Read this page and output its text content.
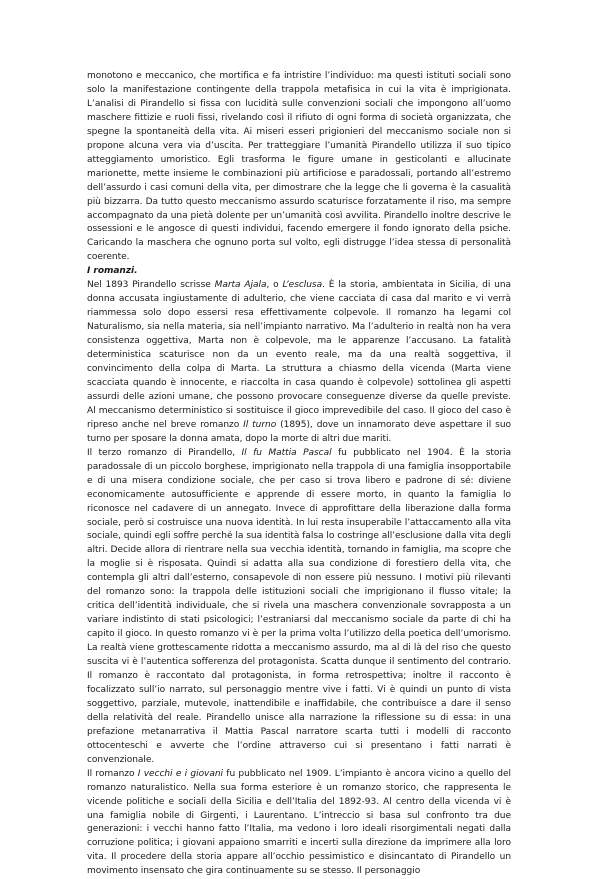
monotono e meccanico, che mortifica e fa intristire l’individuo: ma questi istituti sociali sono solo la manifestazione contingente della trappola metafisica in cui la vita è imprigionata. L’analisi di Pirandello si fissa con lucidità sulle convenzioni sociali che impongono all’uomo maschere fittizie e ruoli fissi, rivelando così il rifiuto di ogni forma di società organizzata, che spegne la spontaneità della vita. Ai miseri esseri prigionieri del meccanismo sociale non si propone alcuna vera via d’uscita. Per tratteggiare l’umanità Pirandello utilizza il suo tipico atteggiamento umoristico. Egli trasforma le figure umane in gesticolanti e allucinate marionette, mette insieme le combinazioni più artificiose e paradossali, portando all’estremo dell’assurdo i casi comuni della vita, per dimostrare che la legge che li governa è la casualità più bizzarra. Da tutto questo meccanismo assurdo scaturisce forzatamente il riso, ma sempre accompagnato da una pietà dolente per un’umanità così avvilita. Pirandello inoltre descrive le ossessioni e le angosce di questi individui, facendo emergere il fondo ignorato della psiche. Caricando la maschera che ognuno porta sul volto, egli distrugge l’idea stessa di personalità coerente.

I romanzi.

Nel 1893 Pirandello scrisse Marta Ajala, o L’esclusa. È la storia, ambientata in Sicilia, di una donna accusata ingiustamente di adulterio, che viene cacciata di casa dal marito e vi verrà riammessa solo dopo essersi resa effettivamente colpevole. Il romanzo ha legami col Naturalismo, sia nella materia, sia nell’impianto narrativo. Ma l’adulterio in realtà non ha vera consistenza oggettiva, Marta non è colpevole, ma le apparenze l’accusano. La fatalità deterministica scaturisce non da un evento reale, ma da una realtà soggettiva, il convincimento della colpa di Marta. La struttura a chiasmo della vicenda (Marta viene scacciata quando è innocente, e riaccolta in casa quando è colpevole) sottolinea gli aspetti assurdi delle azioni umane, che possono provocare conseguenze diverse da quelle previste. Al meccanismo deterministico si sostituisce il gioco imprevedibile del caso. Il gioco del caso è ripreso anche nel breve romanzo Il turno (1895), dove un innamorato deve aspettare il suo turno per sposare la donna amata, dopo la morte di altri due mariti.

Il terzo romanzo di Pirandello, Il fu Mattia Pascal fu pubblicato nel 1904. È la storia paradossale di un piccolo borghese, imprigionato nella trappola di una famiglia insopportabile e di una misera condizione sociale, che per caso si trova libero e padrone di sé: diviene economicamente autosufficiente e apprende di essere morto, in quanto la famiglia lo riconosce nel cadavere di un annegato. Invece di approfittare della liberazione dalla forma sociale, però si costruisce una nuova identità. In lui resta insuperabile l’attaccamento alla vita sociale, quindi egli soffre perché la sua identità falsa lo costringe all’esclusione dalla vita degli altri. Decide allora di rientrare nella sua vecchia identità, tornando in famiglia, ma scopre che la moglie si è risposata. Quindi si adatta alla sua condizione di forestiero della vita, che contempla gli altri dall’esterno, consapevole di non essere più nessuno. I motivi più rilevanti del romanzo sono: la trappola delle istituzioni sociali che imprigionano il flusso vitale; la critica dell’identità individuale, che si rivela una maschera convenzionale sovrapposta a un variare indistinto di stati psicologici; l’estraniarsi dal meccanismo sociale da parte di chi ha capito il gioco. In questo romanzo vi è per la prima volta l’utilizzo della poetica dell’umorismo. La realtà viene grottescamente ridotta a meccanismo assurdo, ma al di là del riso che questo suscita vi è l’autentica sofferenza del protagonista. Scatta dunque il sentimento del contrario. Il romanzo è raccontato dal protagonista, in forma retrospettiva; inoltre il racconto è focalizzato sull’io narrato, sul personaggio mentre vive i fatti. Vi è quindi un punto di vista soggettivo, parziale, mutevole, inattendibile e inaffidabile, che contribuisce a dare il senso della relatività del reale. Pirandello unisce alla narrazione la riflessione su di essa: in una prefazione metanarrativa il Mattia Pascal narratore scarta tutti i modelli di racconto ottocenteschi e avverte che l’ordine attraverso cui si presentano i fatti narrati è convenzionale.

Il romanzo I vecchi e i giovani fu pubblicato nel 1909. L’impianto è ancora vicino a quello del romanzo naturalistico. Nella sua forma esteriore è un romanzo storico, che rappresenta le vicende politiche e sociali della Sicilia e dell’Italia del 1892-93. Al centro della vicenda vi è una famiglia nobile di Girgenti, i Laurentano. L’intreccio si basa sul confronto tra due generazioni: i vecchi hanno fatto l’Italia, ma vedono i loro ideali risorgimentali negati dalla corruzione politica; i giovani appaiono smarriti e incerti sulla direzione da imprimere alla loro vita. Il procedere della storia appare all’occhio pessimistico e disincantato di Pirandello un movimento insensato che gira continuamente su se stesso. Il personaggio
